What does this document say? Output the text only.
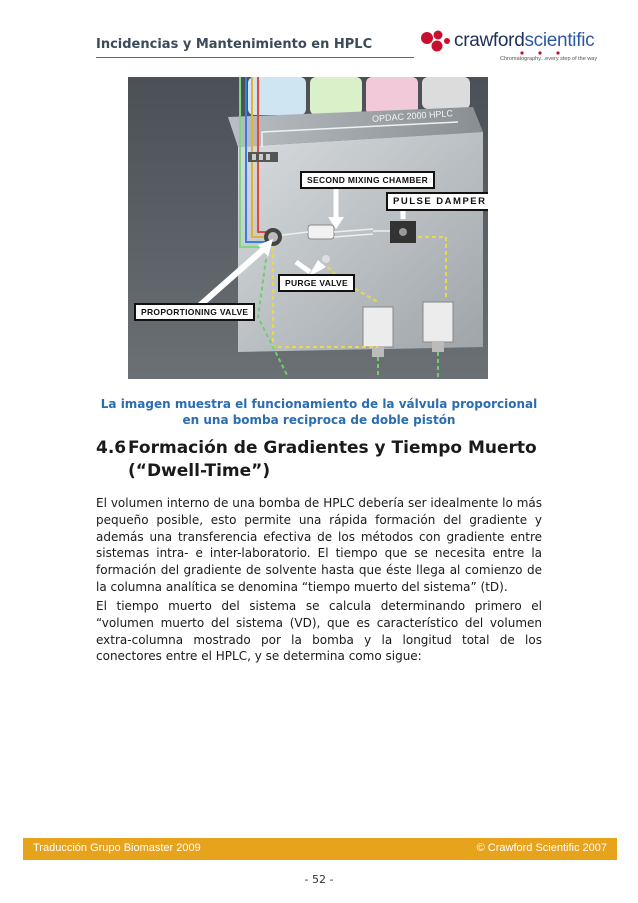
Incidencias y Mantenimiento en HPLC	crawfordscientific
Chromatography...every step of the way
OPDAC 2000 HPLC
SECOND MIXING CHAMBER
PULSE DAMPER
PURGE VALVE
PROPORTIONING VALVE
La imagen muestra el funcionamiento de la válvula proporcional en una bomba reciproca de doble pistón
4.6 Formación de Gradientes y Tiempo Muerto
(“Dwell-Time”)
El volumen interno de una bomba de HPLC debería ser idealmente lo más pequeño posible, esto permite una rápida formación del gradiente y además una transferencia efectiva de los métodos con gradiente entre sistemas intra- e inter-laboratorio. El tiempo que se necesita entre la formación del gradiente de solvente hasta que éste llega al comienzo de la columna analítica se denomina “tiempo muerto del sistema” (tD).
El tiempo muerto del sistema se calcula determinando primero el “volumen muerto del sistema (VD), que es característico del volumen extra-columna mostrado por la bomba y la longitud total de los conectores entre el HPLC, y se determina como sigue:
Traducción Grupo Biomaster 2009	© Crawford Scientific 2007
- 52 -
